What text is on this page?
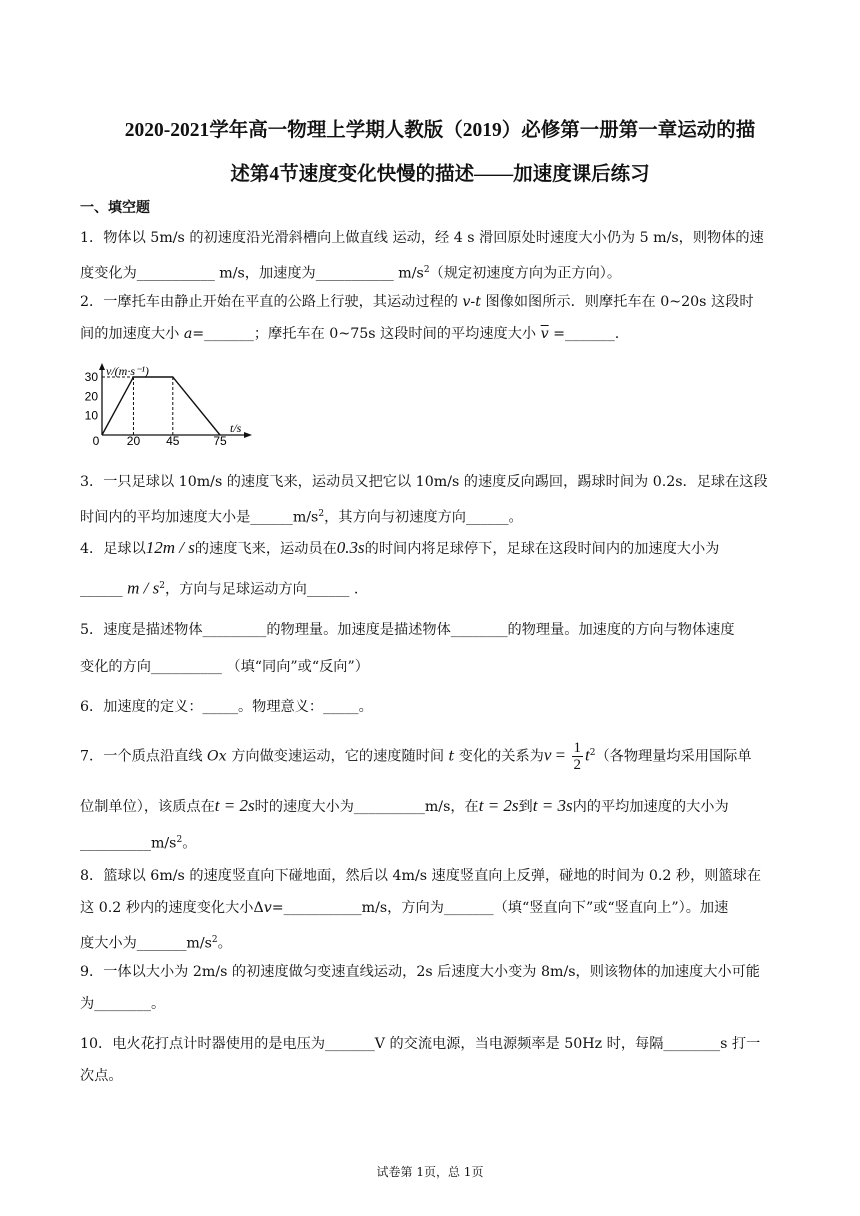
2020-2021学年高一物理上学期人教版（2019）必修第一册第一章运动的描
述第4节速度变化快慢的描述——加速度课后练习
一、填空题
1．物体以 5m/s 的初速度沿光滑斜槽向上做直线 运动，经 4 s 滑回原处时速度大小仍为 5 m/s，则物体的速
度变化为___________ m/s，加速度为___________ $m/s^2$（规定初速度方向为正方向）。
2．一摩托车由静止开始在平直的公路上行驶，其运动过程的 v-t 图像如图所示．则摩托车在 0~20s 这段时
间的加速度大小 a=_______；摩托车在 0~75s 这段时间的平均速度大小 $\overline{v}$ =_______.
0 20 45	75
10
20
30 v/(m·s⁻¹)
t/s
3．一只足球以 10m/s 的速度飞来，运动员又把它以 10m/s 的速度反向踢回，踢球时间为 0.2s．足球在这段
时间内的平均加速度大小是$\_\_\_\_\_\_m/s^2$，其方向与初速度方向______。
4．足球以12m / s的速度飞来，运动员在0.3s的时间内将足球停下，足球在这段时间内的加速度大小为
______ m / $s^2$，方向与足球运动方向______ .
5．速度是描述物体_________的物理量。加速度是描述物体________的物理量。加速度的方向与物体速度
变化的方向__________ （填“同向”或“反向”）
6．加速度的定义：_____。物理意义：_____。
7．一个质点沿直线 Ox 方向做变速运动，它的速度随时间 t 变化的关系为$v = \frac{1}{2} t^2$（各物理量均采用国际单
位制单位），该质点在t = 2s时的速度大小为__________m/s，在t = 2s到t = 3s内的平均加速度的大小为
$\_\_\_\_\_\_\_\_\_\_m/s^2$。
8．篮球以 6m/s 的速度竖直向下碰地面，然后以 4m/s 速度竖直向上反弹，碰地的时间为 0.2 秒，则篮球在
这 0.2 秒内的速度变化大小Δv=___________m/s，方向为_______（填“竖直向下”或“竖直向上”）。加速
度大小为$\_\_\_\_\_\_\_m/s^2$。
9．一体以大小为 2m/s 的初速度做匀变速直线运动，2s 后速度大小变为 8m/s，则该物体的加速度大小可能
为________。
10．电火花打点计时器使用的是电压为_______V 的交流电源，当电源频率是 50Hz 时，每隔________s 打一
次点。
试卷第 1页，总 1页
